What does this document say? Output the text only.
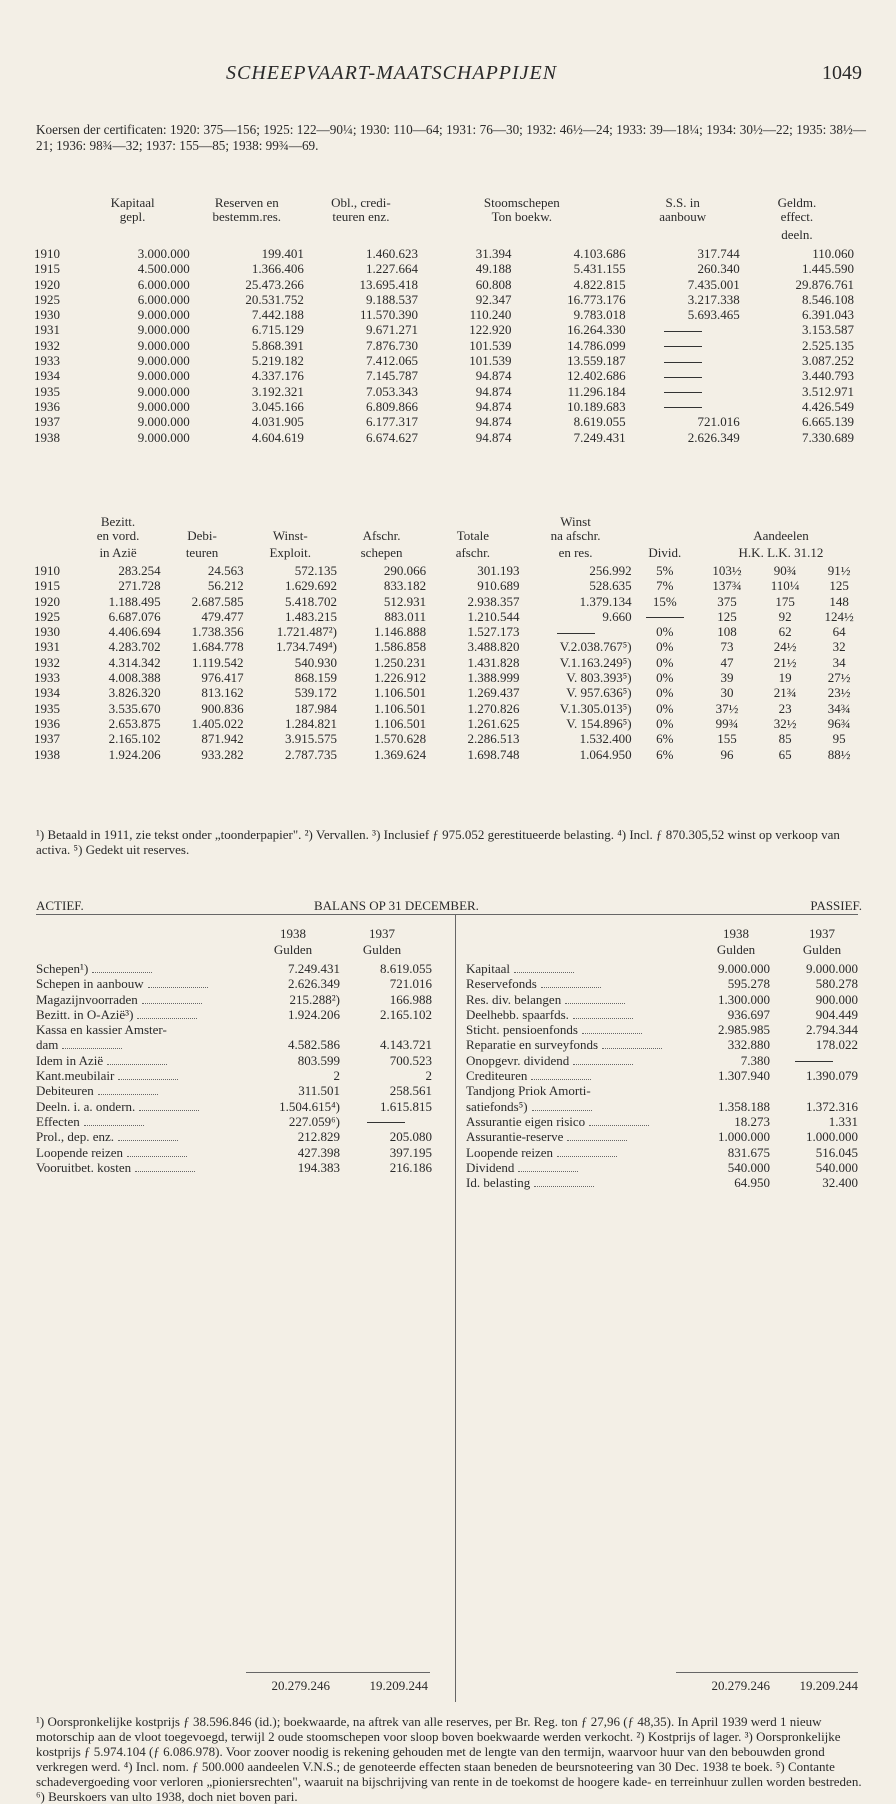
SCHEEPVAART-MAATSCHAPPIJEN	1049
Koersen der certificaten: 1920: 375—156; 1925: 122—90¼; 1930: 110—64; 1931: 76—30; 1932: 46½—24; 1933: 39—18¼; 1934: 30½—22; 1935: 38½—21; 1936: 98¾—32; 1937: 155—85; 1938: 99¾—69.
	Kapitaal	Reserven en	Obl., credi-	Stoomschepen		S.S. in	Geldm.
	gepl.	bestemm.res.	teuren enz.	Ton boekw.		aanbouw	effect.
							deeln.
1910	3.000.000	199.401	1.460.623	31.394	4.103.686	317.744	110.060
1915	4.500.000	1.366.406	1.227.664	49.188	5.431.155	260.340	1.445.590
1920	6.000.000	25.473.266	13.695.418	60.808	4.822.815	7.435.001	29.876.761
1925	6.000.000	20.531.752	9.188.537	92.347	16.773.176	3.217.338	8.546.108
1930	9.000.000	7.442.188	11.570.390	110.240	9.783.018	5.693.465	6.391.043
1931	9.000.000	6.715.129	9.671.271	122.920	16.264.330		3.153.587
1932	9.000.000	5.868.391	7.876.730	101.539	14.786.099		2.525.135
1933	9.000.000	5.219.182	7.412.065	101.539	13.559.187		3.087.252
1934	9.000.000	4.337.176	7.145.787	94.874	12.402.686		3.440.793
1935	9.000.000	3.192.321	7.053.343	94.874	11.296.184		3.512.971
1936	9.000.000	3.045.166	6.809.866	94.874	10.189.683		4.426.549
1937	9.000.000	4.031.905	6.177.317	94.874	8.619.055	721.016	6.665.139
1938	9.000.000	4.604.619	6.674.627	94.874	7.249.431	2.626.349	7.330.689
	Bezitt.					Winst				
	en vord.	Debi-	Winst-	Afschr.	Totale	na afschr.		Aandeelen		
	in Azië	teuren	Exploit.	schepen	afschr.	en res.	Divid.	H.K. L.K. 31.12		
1910	283.254	24.563	572.135	290.066	301.193	256.992	5%	103½	90¾	91½
1915	271.728	56.212	1.629.692	833.182	910.689	528.635	7%	137¾	110¼	125
1920	1.188.495	2.687.585	5.418.702	512.931	2.938.357	1.379.134	15%	375	175	148
1925	6.687.076	479.477	1.483.215	883.011	1.210.544	9.660		125	92	124½
1930	4.406.694	1.738.356	1.721.487²)	1.146.888	1.527.173		0%	108	62	64
1931	4.283.702	1.684.778	1.734.749⁴)	1.586.858	3.488.820	V.2.038.767⁵)	0%	73	24½	32
1932	4.314.342	1.119.542	540.930	1.250.231	1.431.828	V.1.163.249⁵)	0%	47	21½	34
1933	4.008.388	976.417	868.159	1.226.912	1.388.999	V. 803.393⁵)	0%	39	19	27½
1934	3.826.320	813.162	539.172	1.106.501	1.269.437	V. 957.636⁵)	0%	30	21¾	23½
1935	3.535.670	900.836	187.984	1.106.501	1.270.826	V.1.305.013⁵)	0%	37½	23	34¾
1936	2.653.875	1.405.022	1.284.821	1.106.501	1.261.625	V. 154.896⁵)	0%	99¾	32½	96¾
1937	2.165.102	871.942	3.915.575	1.570.628	2.286.513	1.532.400	6%	155	85	95
1938	1.924.206	933.282	2.787.735	1.369.624	1.698.748	1.064.950	6%	96	65	88½
¹) Betaald in 1911, zie tekst onder „toonderpapier". ²) Vervallen. ³) Inclusief ƒ 975.052 gerestitueerde belasting. ⁴) Incl. ƒ 870.305,52 winst op verkoop van activa. ⁵) Gedekt uit reserves.
ACTIEF.	BALANS OP 31 DECEMBER.	PASSIEF.
1938	1937
Gulden	Gulden
1938	1937
Gulden	Gulden
Schepen¹)	7.249.431	8.619.055
Schepen in aanbouw	2.626.349	721.016
Magazijnvoorraden	215.288²)	166.988
Bezitt. in O-Azië³)	1.924.206	2.165.102
Kassa en kassier Amster-		
dam	4.582.586	4.143.721
Idem in Azië	803.599	700.523
Kant.meubilair	2	2
Debiteuren	311.501	258.561
Deeln. i. a. ondern.	1.504.615⁴)	1.615.815
Effecten	227.059⁶)	
Prol., dep. enz.	212.829	205.080
Loopende reizen	427.398	397.195
Vooruitbet. kosten	194.383	216.186
Kapitaal	9.000.000	9.000.000
Reservefonds	595.278	580.278
Res. div. belangen	1.300.000	900.000
Deelhebb. spaarfds.	936.697	904.449
Sticht. pensioenfonds	2.985.985	2.794.344
Reparatie en surveyfonds	332.880	178.022
Onopgevr. dividend	7.380	
Crediteuren	1.307.940	1.390.079
Tandjong Priok Amorti-		
satiefonds⁵)	1.358.188	1.372.316
Assurantie eigen risico	18.273	1.331
Assurantie-reserve	1.000.000	1.000.000
Loopende reizen	831.675	516.045
Dividend	540.000	540.000
Id. belasting	64.950	32.400
20.279.246	19.209.244	20.279.246	19.209.244
¹) Oorspronkelijke kostprijs ƒ 38.596.846 (id.); boekwaarde, na aftrek van alle reserves, per Br. Reg. ton ƒ 27,96 (ƒ 48,35). In April 1939 werd 1 nieuw motorschip aan de vloot toegevoegd, terwijl 2 oude stoomschepen voor sloop boven boekwaarde werden verkocht. ²) Kostprijs of lager. ³) Oorspronkelijke kostprijs ƒ 5.974.104 (ƒ 6.086.978). Voor zoover noodig is rekening gehouden met de lengte van den termijn, waarvoor huur van den bebouwden grond verkregen werd. ⁴) Incl. nom. ƒ 500.000 aandeelen V.N.S.; de genoteerde effecten staan beneden de beursnoteering van 30 Dec. 1938 te boek. ⁵) Contante schadevergoeding voor verloren „pioniersrechten", waaruit na bijschrijving van rente in de toekomst de hoogere kade- en terreinhuur zullen worden bestreden. ⁶) Beurskoers van ulto 1938, doch niet boven pari.
